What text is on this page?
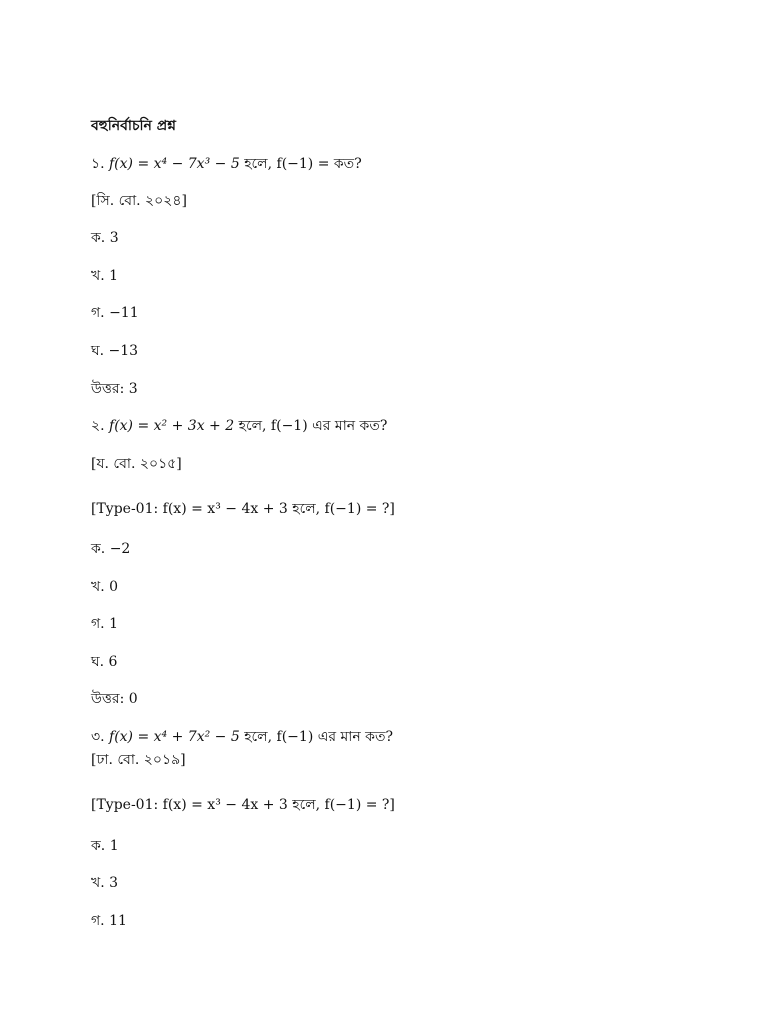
বহুনির্বাচনি প্রশ্ন
১. f(x) = x⁴ − 7x³ − 5 হলে, f(−1) = কত?
[সি. বো. ২০২৪]
ক. 3
খ. 1
গ. −11
ঘ. −13
উত্তর: 3
২. f(x) = x² + 3x + 2 হলে, f(−1) এর মান কত?
[য. বো. ২০১৫]
[Type-01: f(x) = x³ − 4x + 3 হলে, f(−1) = ?]
ক. −2
খ. 0
গ. 1
ঘ. 6
উত্তর: 0
৩. f(x) = x⁴ + 7x² − 5 হলে, f(−1) এর মান কত?
[ঢা. বো. ২০১৯]
[Type-01: f(x) = x³ − 4x + 3 হলে, f(−1) = ?]
ক. 1
খ. 3
গ. 11
